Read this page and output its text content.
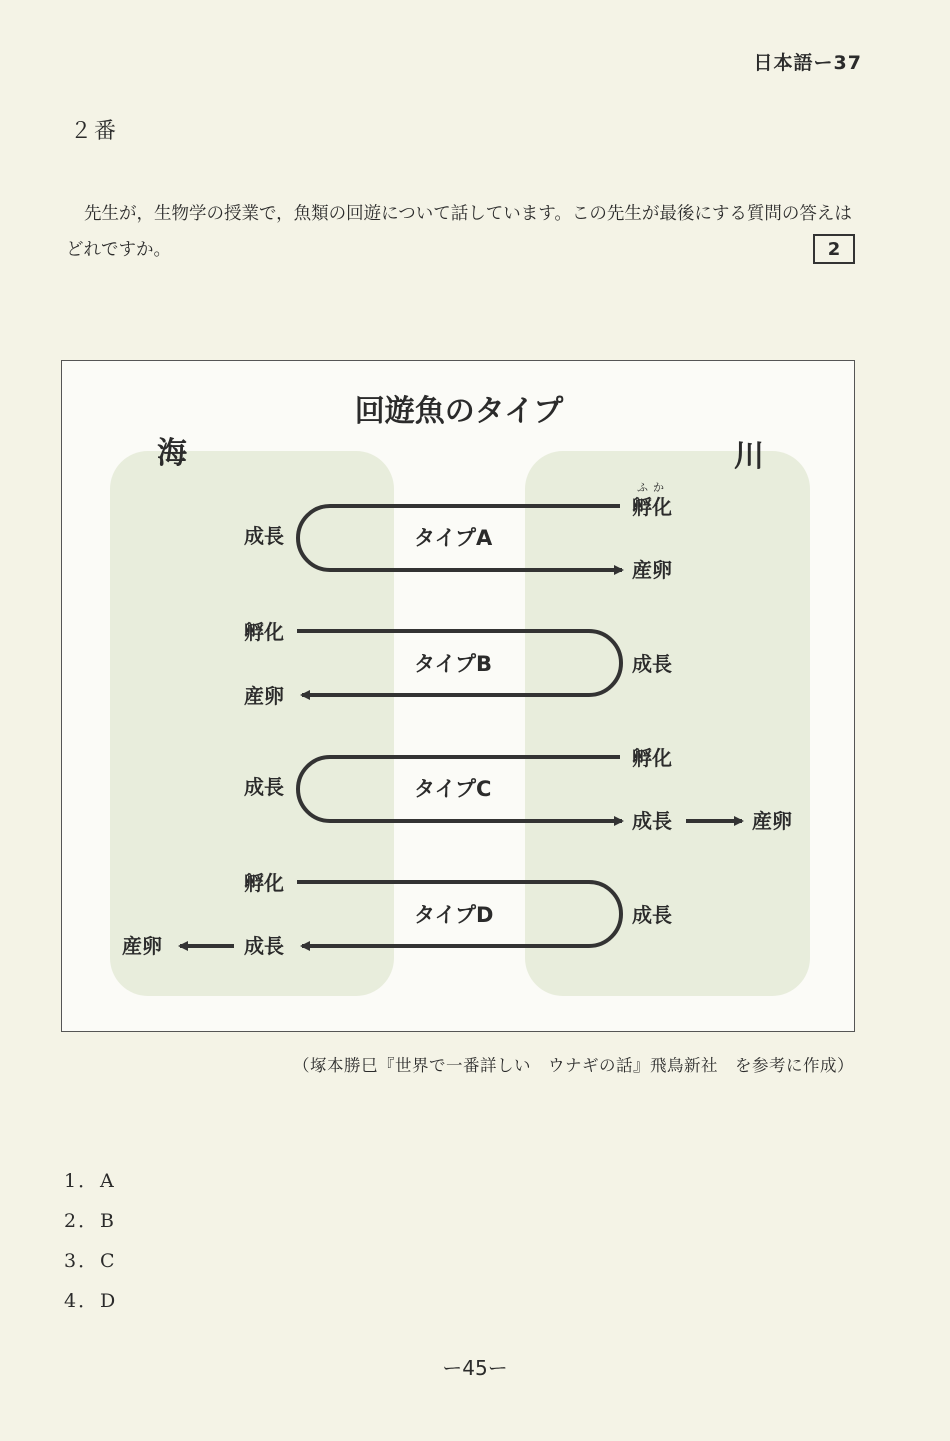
日本語ー37
２番
先生が，生物学の授業で，魚類の回遊について話しています。この先生が最後にする質問の答えはどれですか。	2
回遊魚のタイプ
海	川
ふか
孵化
成長	タイプA
産卵
孵化
成長
タイプB
産卵
孵化
成長	タイプC
成長	産卵
孵化
成長
タイプD
成長
産卵
（塚本勝巳『世界で一番詳しい　ウナギの話』飛鳥新社　を参考に作成）
1．A
2．B
3．C
4．D
ー45ー
